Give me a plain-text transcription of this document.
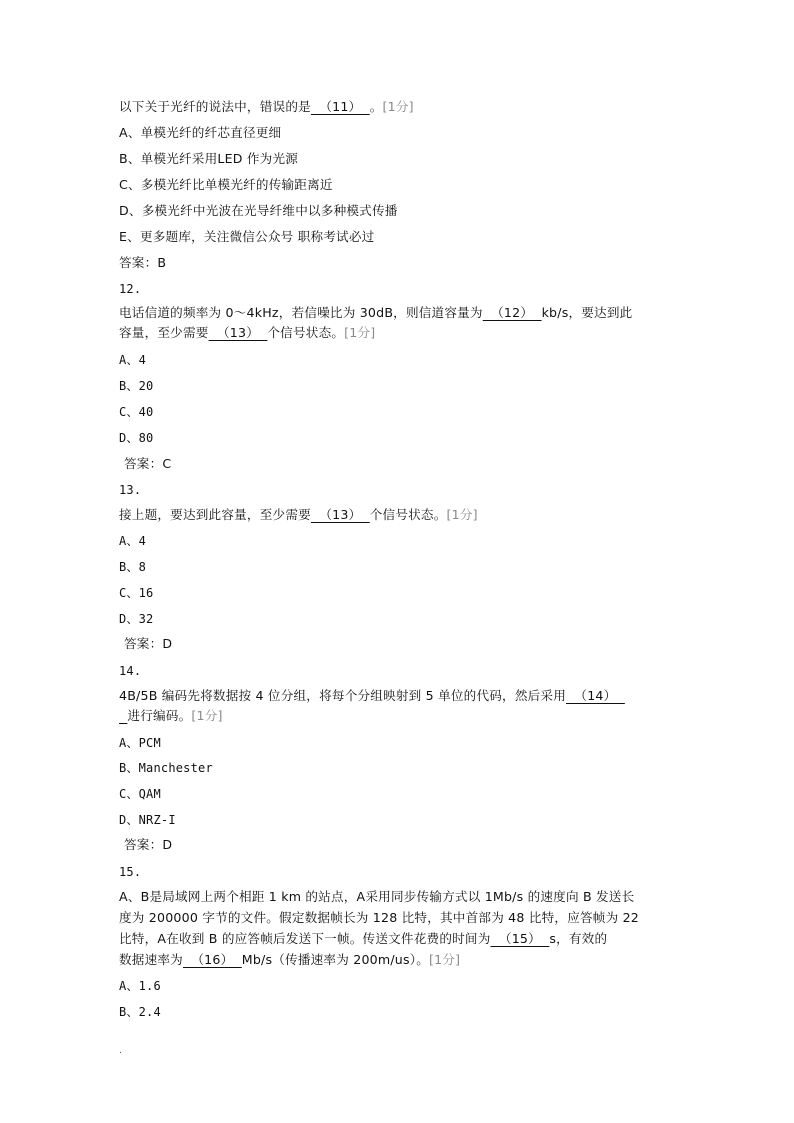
以下关于光纤的说法中，错误的是  （11）  。[1分]
A、单模光纤的纤芯直径更细
B、单模光纤采用LED 作为光源
C、多模光纤比单模光纤的传输距离近
D、多模光纤中光波在光导纤维中以多种模式传播
E、更多题库，关注微信公众号 职称考试必过
答案：B
12.
电话信道的频率为 0～4kHz，若信噪比为 30dB，则信道容量为  （12）  kb/s，要达到此
容量，至少需要  （13）  个信号状态。[1分]
A、4
B、20
C、40
D、80
答案：C
13.
接上题，要达到此容量，至少需要  （13）  个信号状态。[1分]
A、4
B、8
C、16
D、32
答案：D
14.
4B/5B 编码先将数据按 4 位分组，将每个分组映射到 5 单位的代码，然后采用  （14）
进行编码。[1分]
A、PCM
B、Manchester
C、QAM
D、NRZ-I
答案：D
15.
A、B是局域网上两个相距 1 km 的站点，A采用同步传输方式以 1Mb/s 的速度向 B 发送长
度为 200000 字节的文件。假定数据帧长为 128 比特，其中首部为 48 比特，应答帧为 22
比特，A在收到 B 的应答帧后发送下一帧。传送文件花费的时间为  （15）  s，有效的
数据速率为  （16）  Mb/s（传播速率为 200m/us）。[1分]
A、1.6
B、2.4
.
